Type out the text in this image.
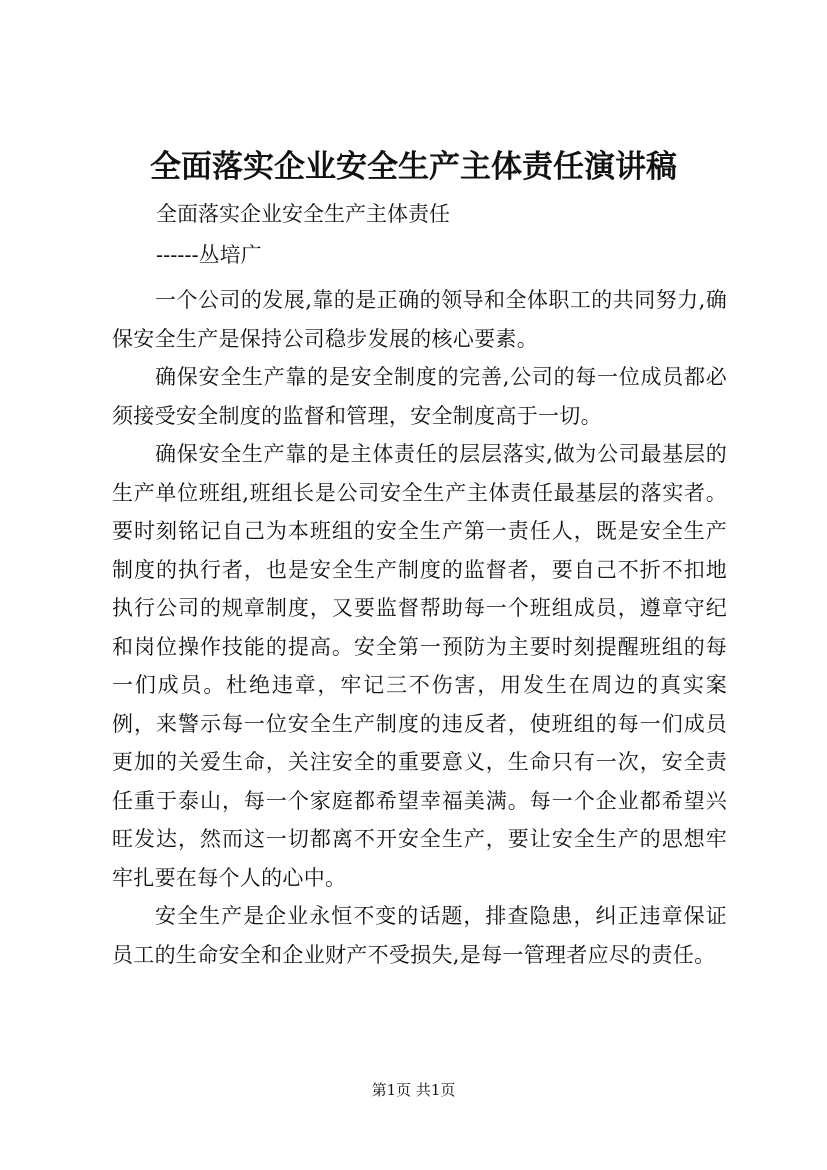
全面落实企业安全生产主体责任演讲稿
全面落实企业安全生产主体责任
------丛培广

一个公司的发展,靠的是正确的领导和全体职工的共同努力,确保安全生产是保持公司稳步发展的核心要素。

确保安全生产靠的是安全制度的完善,公司的每一位成员都必须接受安全制度的监督和管理，安全制度高于一切。

确保安全生产靠的是主体责任的层层落实,做为公司最基层的生产单位班组,班组长是公司安全生产主体责任最基层的落实者。要时刻铭记自己为本班组的安全生产第一责任人，既是安全生产制度的执行者，也是安全生产制度的监督者，要自己不折不扣地执行公司的规章制度，又要监督帮助每一个班组成员，遵章守纪和岗位操作技能的提高。安全第一预防为主要时刻提醒班组的每一们成员。杜绝违章，牢记三不伤害，用发生在周边的真实案例，来警示每一位安全生产制度的违反者，使班组的每一们成员更加的关爱生命，关注安全的重要意义，生命只有一次，安全责任重于泰山，每一个家庭都希望幸福美满。每一个企业都希望兴旺发达，然而这一切都离不开安全生产，要让安全生产的思想牢牢扎要在每个人的心中。

安全生产是企业永恒不变的话题，排查隐患，纠正违章保证员工的生命安全和企业财产不受损失,是每一管理者应尽的责任。

第1页 共1页
